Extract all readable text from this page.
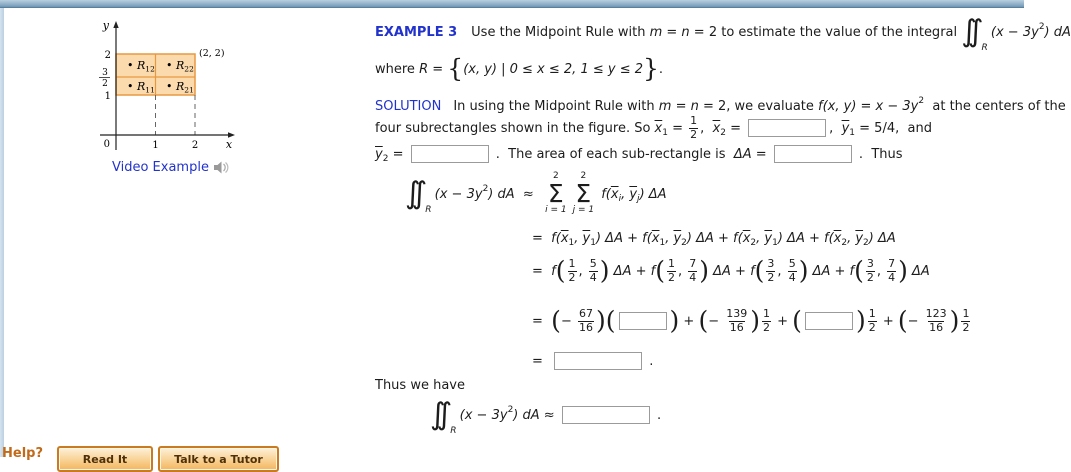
y
x
0
2
3
2
1
1	2
(2, 2)
• $R_{12}$ • $R_{22}$
• $R_{11}$ • $R_{21}$
Video Example
EXAMPLE 3 Use the Midpoint Rule with m = n = 2 to estimate the value of the integral ∫∫ $_R$
(x − 3y 2 ) dA
where R = { (x, y) | 0 ≤ x ≤ 2, 1 ≤ y ≤ 2 } .
SOLUTION In using the Midpoint Rule with m = n = 2, we evaluate f(x, y) = x − 3y 2 at the centers of the
four subrectangles shown in the figure. So $\overline{x}_1 = \frac{1}{2}$ , $\overline{x}_2$ =	, $\overline{y}_1 = 5/4$,  and
$\overline{y}_2$ =	.  The area of each sub-rectangle is ΔA =	.  Thus
∫∫ $_R$
(x − 3y 2 ) dA ≈
2
Σ
i = 1
2
Σ
j = 1
f( $\overline{x}_i$ , $\overline{y}_j$ ) ΔA
= f( $\overline{x}_1$ , $\overline{y}_1$ ) ΔA + f( $\overline{x}_1$ , $\overline{y}_2$ ) ΔA + f( $\overline{x}_2$ , $\overline{y}_1$ ) ΔA + f( $\overline{x}_2$ , $\overline{y}_2$ ) ΔA
= f ( $\frac{1}{2}$ , $\frac{5}{4}$ ) ΔA + f ( $\frac{1}{2}$ , $\frac{7}{4}$ ) ΔA + f ( $\frac{3}{2}$ , $\frac{5}{4}$ ) ΔA + f ( $\frac{3}{2}$ , $\frac{7}{4}$ ) ΔA
= ( − $\frac{67}{16}$ ) ( ) + ( − $\frac{139}{16}$ ) $\frac{1}{2}$ + ( ) $\frac{1}{2}$ + ( − $\frac{123}{16}$ ) $\frac{1}{2}$
=	.
Thus we have
∫∫ $_R$
(x − 3y 2 ) dA ≈	.
Help?	Read It	Talk to a Tutor
